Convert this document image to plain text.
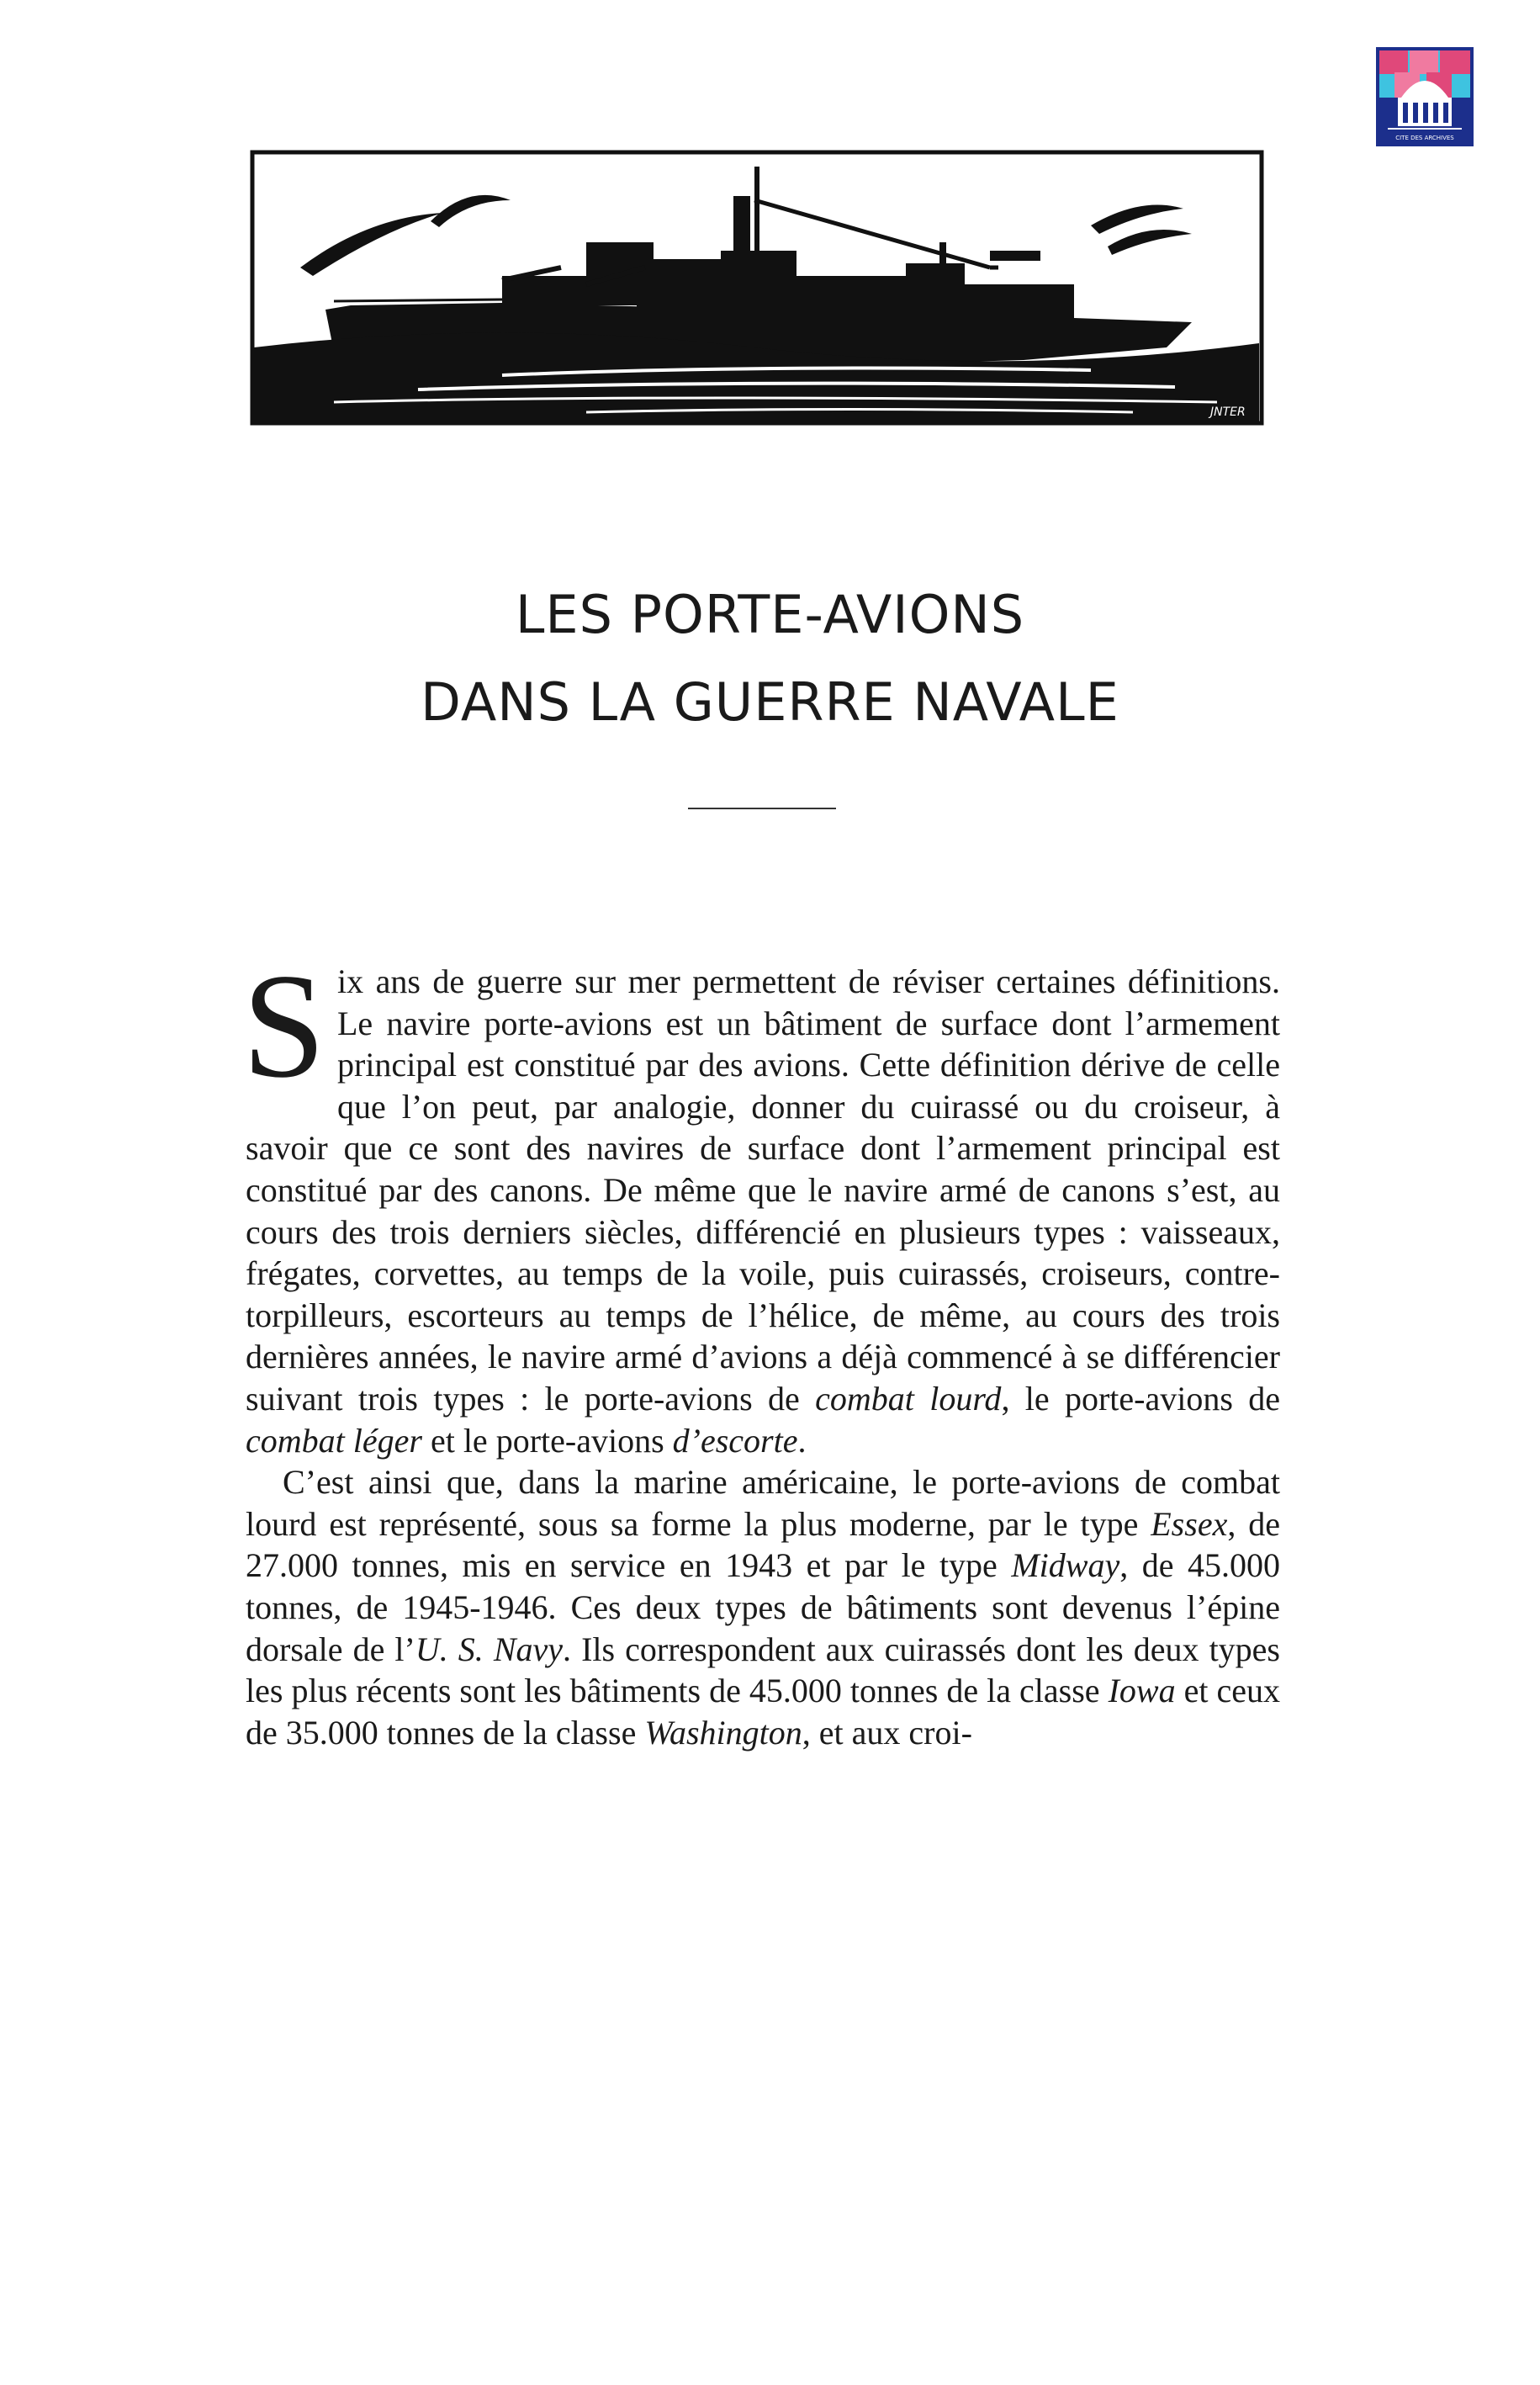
CITE DES ARCHIVES
JNTER
LES PORTE-AVIONS
DANS LA GUERRE NAVALE

Six ans de guerre sur mer permettent de réviser certaines définitions. Le navire porte-avions est un bâtiment de surface dont l’armement principal est constitué par des avions. Cette définition dérive de celle que l’on peut, par analogie, donner du cuirassé ou du croiseur, à savoir que ce sont des navires de surface dont l’armement principal est constitué par des canons. De même que le navire armé de canons s’est, au cours des trois derniers siècles, différencié en plusieurs types : vaisseaux, frégates, corvettes, au temps de la voile, puis cuirassés, croiseurs, contre-torpilleurs, escorteurs au temps de l’hélice, de même, au cours des trois dernières années, le navire armé d’avions a déjà commencé à se différencier suivant trois types : le porte-avions de combat lourd, le porte-avions de combat léger et le porte-avions d’escorte.

C’est ainsi que, dans la marine américaine, le porte-avions de combat lourd est représenté, sous sa forme la plus moderne, par le type Essex, de 27.000 tonnes, mis en service en 1943 et par le type Midway, de 45.000 tonnes, de 1945-1946. Ces deux types de bâtiments sont devenus l’épine dorsale de l’U. S. Navy. Ils correspondent aux cuirassés dont les deux types les plus récents sont les bâtiments de 45.000 tonnes de la classe Iowa et ceux de 35.000 tonnes de la classe Washington, et aux croi-
